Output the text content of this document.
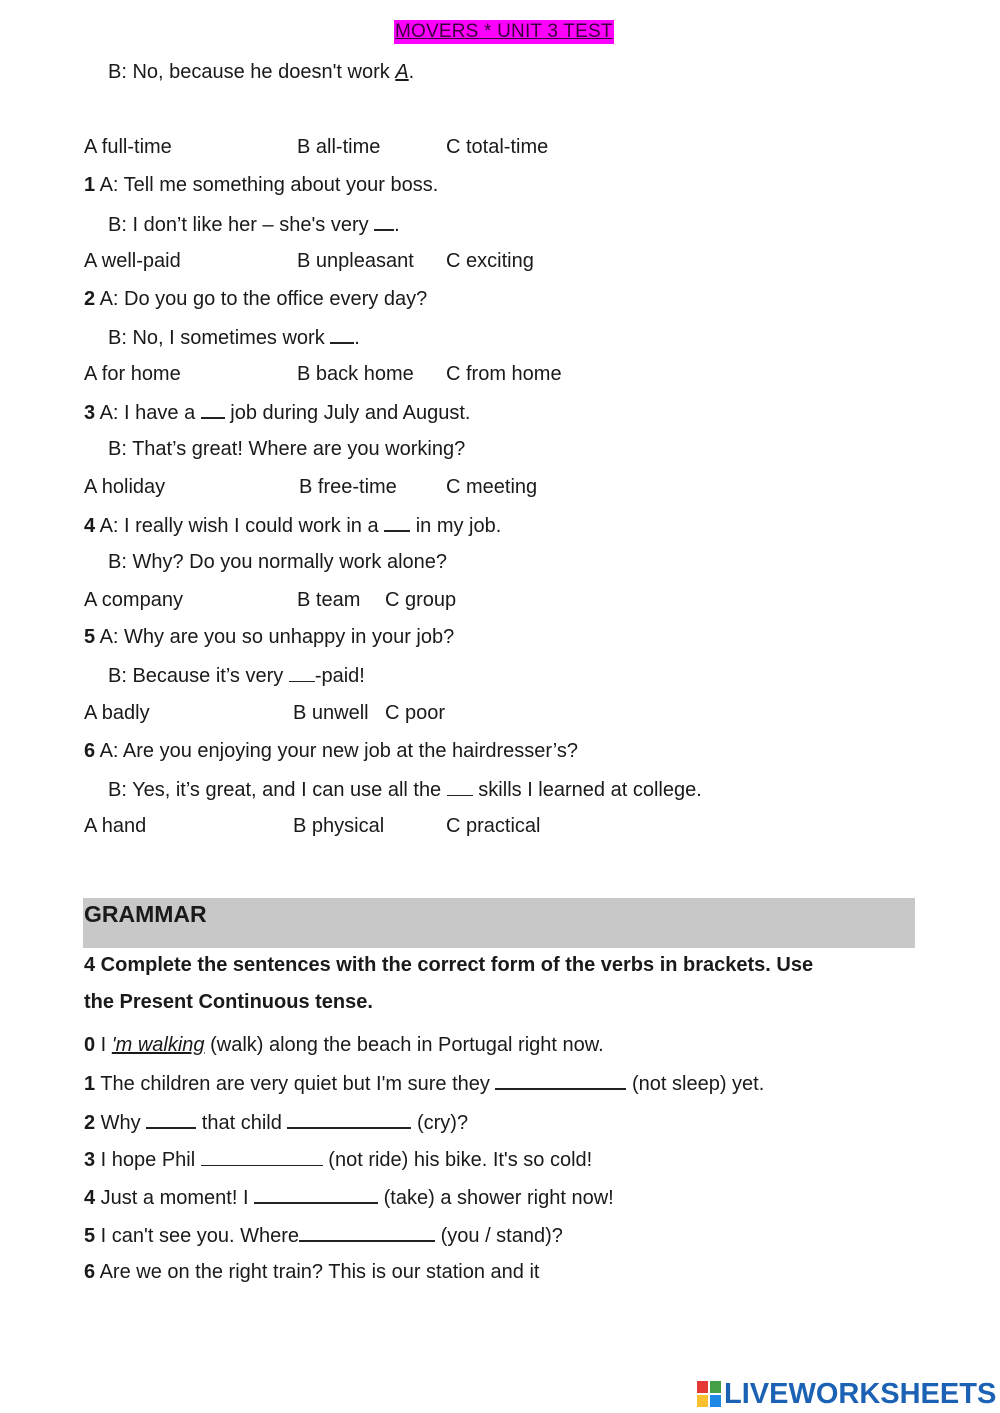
MOVERS * UNIT 3 TEST
B: No, because he doesn't work A.
A full-time	B all-time	C total-time
1 A: Tell me something about your boss.
B: I don’t like her – she's very .
A well-paid	B unpleasant C exciting
2 A: Do you go to the office every day?
B: No, I sometimes work .
A for home	B back home C from home
3 A: I have a  job during July and August.
B: That’s great! Where are you working?
A holiday	B free-time C meeting
4 A: I really wish I could work in a  in my job.
B: Why? Do you normally work alone?
A company	B team C group
5 A: Why are you so unhappy in your job?
B: Because it’s very -paid!
A badly	B unwell C poor
6 A: Are you enjoying your new job at the hairdresser’s?
B: Yes, it’s great, and I can use all the  skills I learned at college.
A hand	B physical	C practical
GRAMMAR
4 Complete the sentences with the correct form of the verbs in brackets. Use
the Present Continuous tense.
0 I 'm walking (walk) along the beach in Portugal right now.
1 The children are very quiet but I'm sure they	(not sleep) yet.
2 Why	that child	(cry)?
3 I hope Phil	(not ride) his bike. It's so cold!
4 Just a moment! I	(take) a shower right now!
5 I can't see you. Where	(you / stand)?
6 Are we on the right train? This is our station and it
LIVEWORKSHEETS
